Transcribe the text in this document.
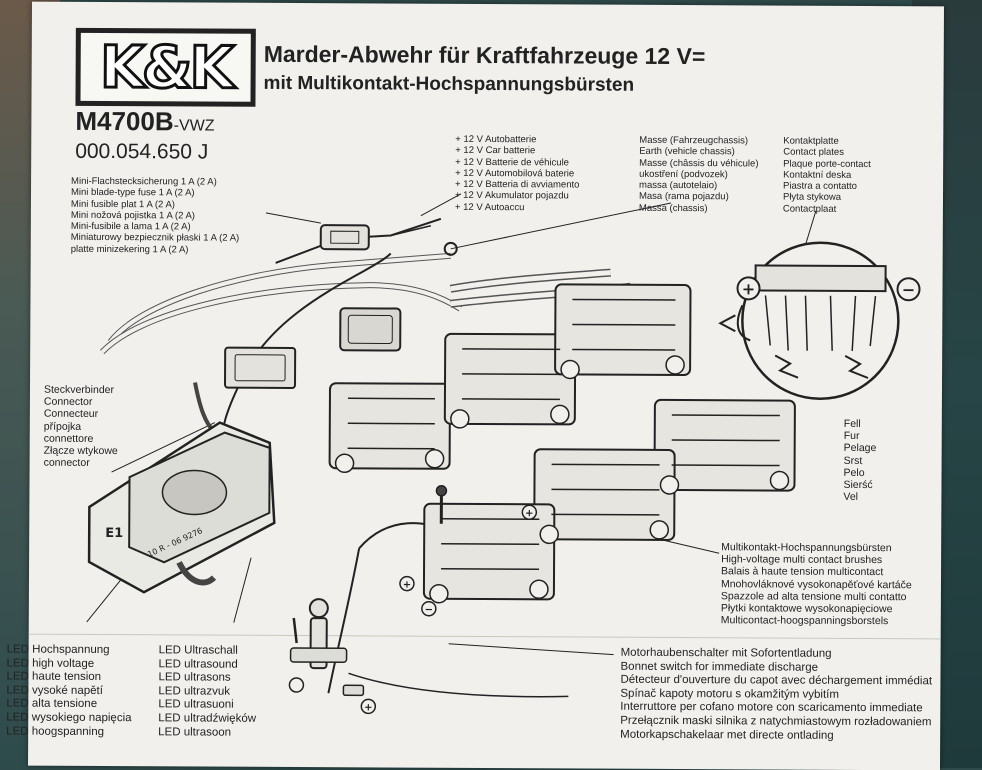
K&K Marder-Abwehr für Kraftfahrzeuge 12 V=
mit Multikontakt-Hochspannungsbürsten
M4700B-VWZ
000.054.650 J
+	−
+
+
−
+
E1	10 R - 06 9276
Mini-Flachstecksicherung 1 A (2 A)
Mini blade-type fuse 1 A (2 A)
Mini fusible plat 1 A (2 A)
Mini nožová pojistka 1 A (2 A)
Mini-fusibile a lama 1 A (2 A)
Miniaturowy bezpiecznik płaski 1 A (2 A)
platte minizekering 1 A (2 A)
+ 12 V Autobatterie
+ 12 V Car batterie
+ 12 V Batterie de véhicule
+ 12 V Automobilová baterie
+ 12 V Batteria di avviamento
+ 12 V Akumulator pojazdu
+ 12 V Autoaccu
Masse (Fahrzeugchassis)
Earth (vehicle chassis)
Masse (châssis du véhicule)
ukostření (podvozek)
massa (autotelaio)
Masa (rama pojazdu)
Massa (chassis)
Kontaktplatte
Contact plates
Plaque porte-contact
Kontaktní deska
Piastra a contatto
Płyta stykowa
Contactplaat
Steckverbinder
Connector
Connecteur
přípojka
connettore
Złącze wtykowe
connector
Fell
Fur
Pelage
Srst
Pelo
Sierść
Vel
Multikontakt-Hochspannungsbürsten
High-voltage multi contact brushes
Balais à haute tension multicontact
Mnohovláknové vysokonapěťové kartáče
Spazzole ad alta tensione multi contatto
Płytki kontaktowe wysokonapięciowe
Multicontact-hoogspanningsborstels
LED Hochspannung
LED high voltage
LED haute tension
LED vysoké napětí
LED alta tensione
LED wysokiego napięcia
LED hoogspanning
LED Ultraschall
LED ultrasound
LED ultrasons
LED ultrazvuk
LED ultrasuoni
LED ultradźwięków
LED ultrasoon
Motorhaubenschalter mit Sofortentladung
Bonnet switch for immediate discharge
Détecteur d'ouverture du capot avec déchargement immédiat
Spínač kapoty motoru s okamžitým vybitím
Interruttore per cofano motore con scaricamento immediate
Przełącznik maski silnika z natychmiastowym rozładowaniem
Motorkapschakelaar met directe ontlading
